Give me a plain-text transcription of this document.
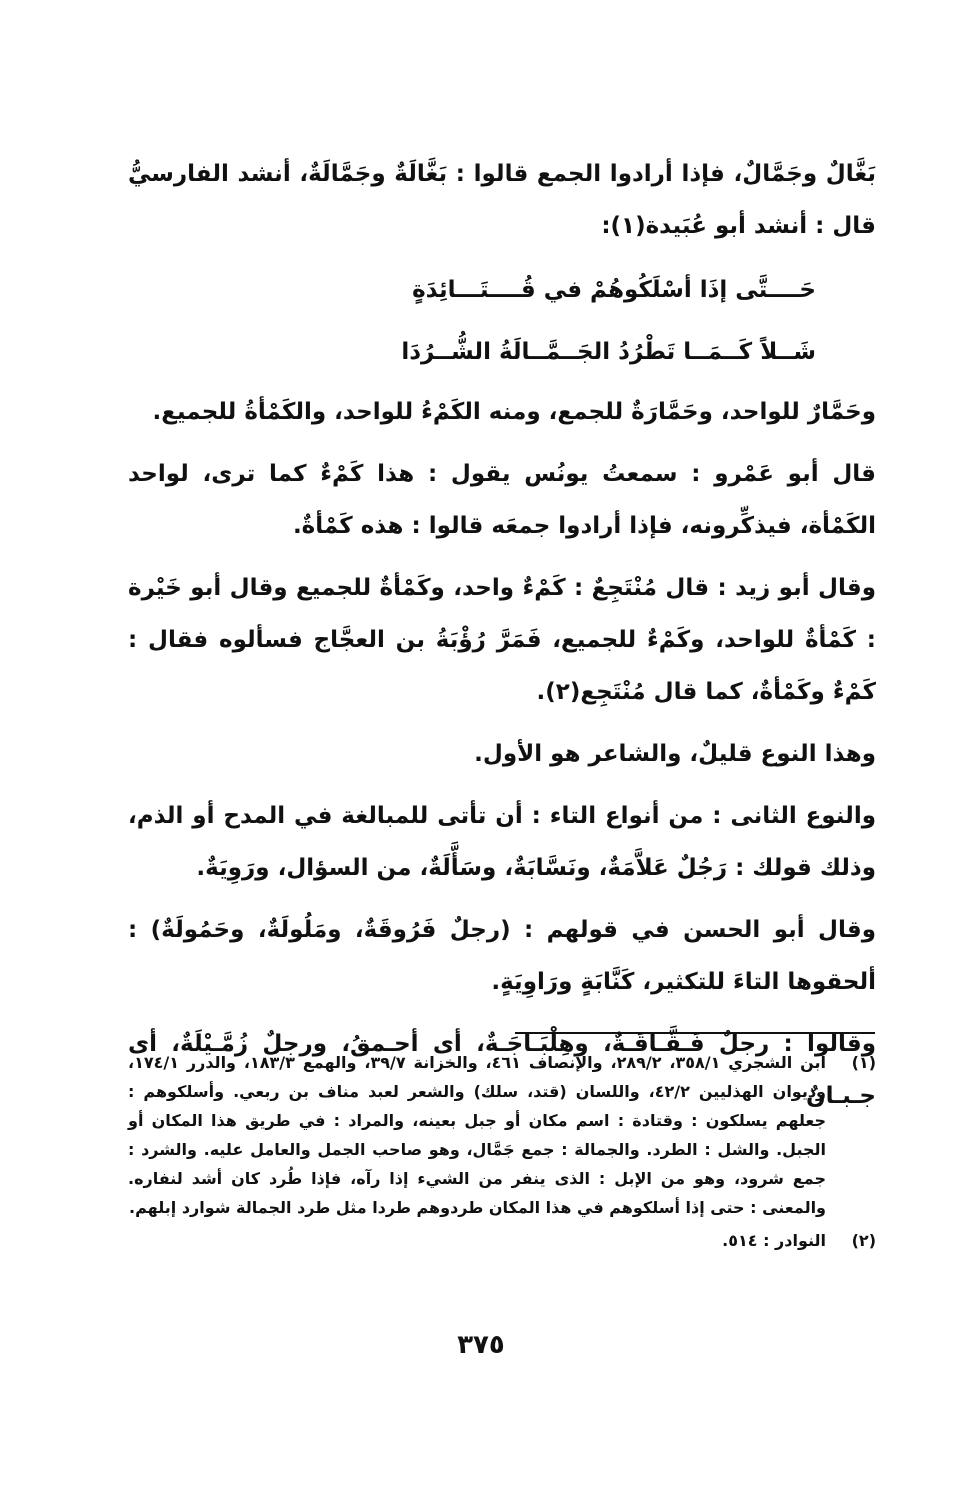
بَغَّالٌ وجَمَّالٌ، فإذا أرادوا الجمع قالوا : بَغَّالَةٌ وجَمَّالَةٌ، أنشد الفارسيُّ قال : أنشد أبو عُبَيدة(١):

حَــــتَّى إذَا أسْلَكُوهُمْ في قُــــتَـــائِدَةٍ

شَــلاً كَــمَــا تَطْرُدُ الجَــمَّــالَةُ الشُّــرُدَا

وحَمَّارٌ للواحد، وحَمَّارَةٌ للجمع، ومنه الكَمْءُ للواحد، والكَمْأةُ للجميع.

قال أبو عَمْرو : سمعتُ يونُس يقول : هذا كَمْءٌ كما ترى، لواحد الكَمْأة، فيذكِّرونه، فإذا أرادوا جمعَه قالوا : هذه كَمْأةٌ.

وقال أبو زيد : قال مُنْتَجِعٌ : كَمْءٌ واحد، وكَمْأةٌ للجميع وقال أبو خَيْرة : كَمْأةٌ للواحد، وكَمْءٌ للجميع، فَمَرَّ رُؤْبَةُ بن العجَّاج فسألوه فقال : كَمْءٌ وكَمْأةٌ، كما قال مُنْتَجِع(٢).

وهذا النوع قليلٌ، والشاعر هو الأول.

والنوع الثانى : من أنواع التاء : أن تأتى للمبالغة في المدح أو الذم، وذلك قولك : رَجُلٌ عَلاَّمَةٌ، ونَسَّابَةٌ، وسَأَّلَةٌ، من السؤال، ورَوِيَةٌ.

وقال أبو الحسن في قولهم : (رجلٌ فَرُوقَةٌ، ومَلُولَةٌ، وحَمُولَةٌ) : ألحقوها التاءَ للتكثير، كَنَّابَةٍ ورَاوِيَةٍ.

وقالوا : رجلٌ فَـقَّـاقَـةٌ، وهِلْبَـاجَـةٌ، أى أحـمقُ، ورجلٌ زُمَّـيْلَةٌ، أى جـبـانٌ

(١)
ابن الشجري ٣٥٨/١، ٢٨٩/٢، والإنصاف ٤٦١، والخزانة ٣٩/٧، والهمع ١٨٣/٣، والدرر ١٧٤/١، وديوان الهذليين ٤٢/٢، واللسان (قتد، سلك) والشعر لعبد مناف بن ربعي. وأسلكوهم : جعلهم يسلكون : وقتادة : اسم مكان أو جبل بعينه، والمراد : في طريق هذا المكان أو الجبل. والشل : الطرد. والجمالة : جمع جَمَّال، وهو صاحب الجمل والعامل عليه. والشرد : جمع شرود، وهو من الإبل : الذى ينفر من الشيء إذا رآه، فإذا طُرد كان أشد لنفاره. والمعنى : حتى إذا أسلكوهم في هذا المكان طردوهم طردا مثل طرد الجمالة شوارد إبلهم.
(٢)
النوادر : ٥١٤.
٣٧٥
